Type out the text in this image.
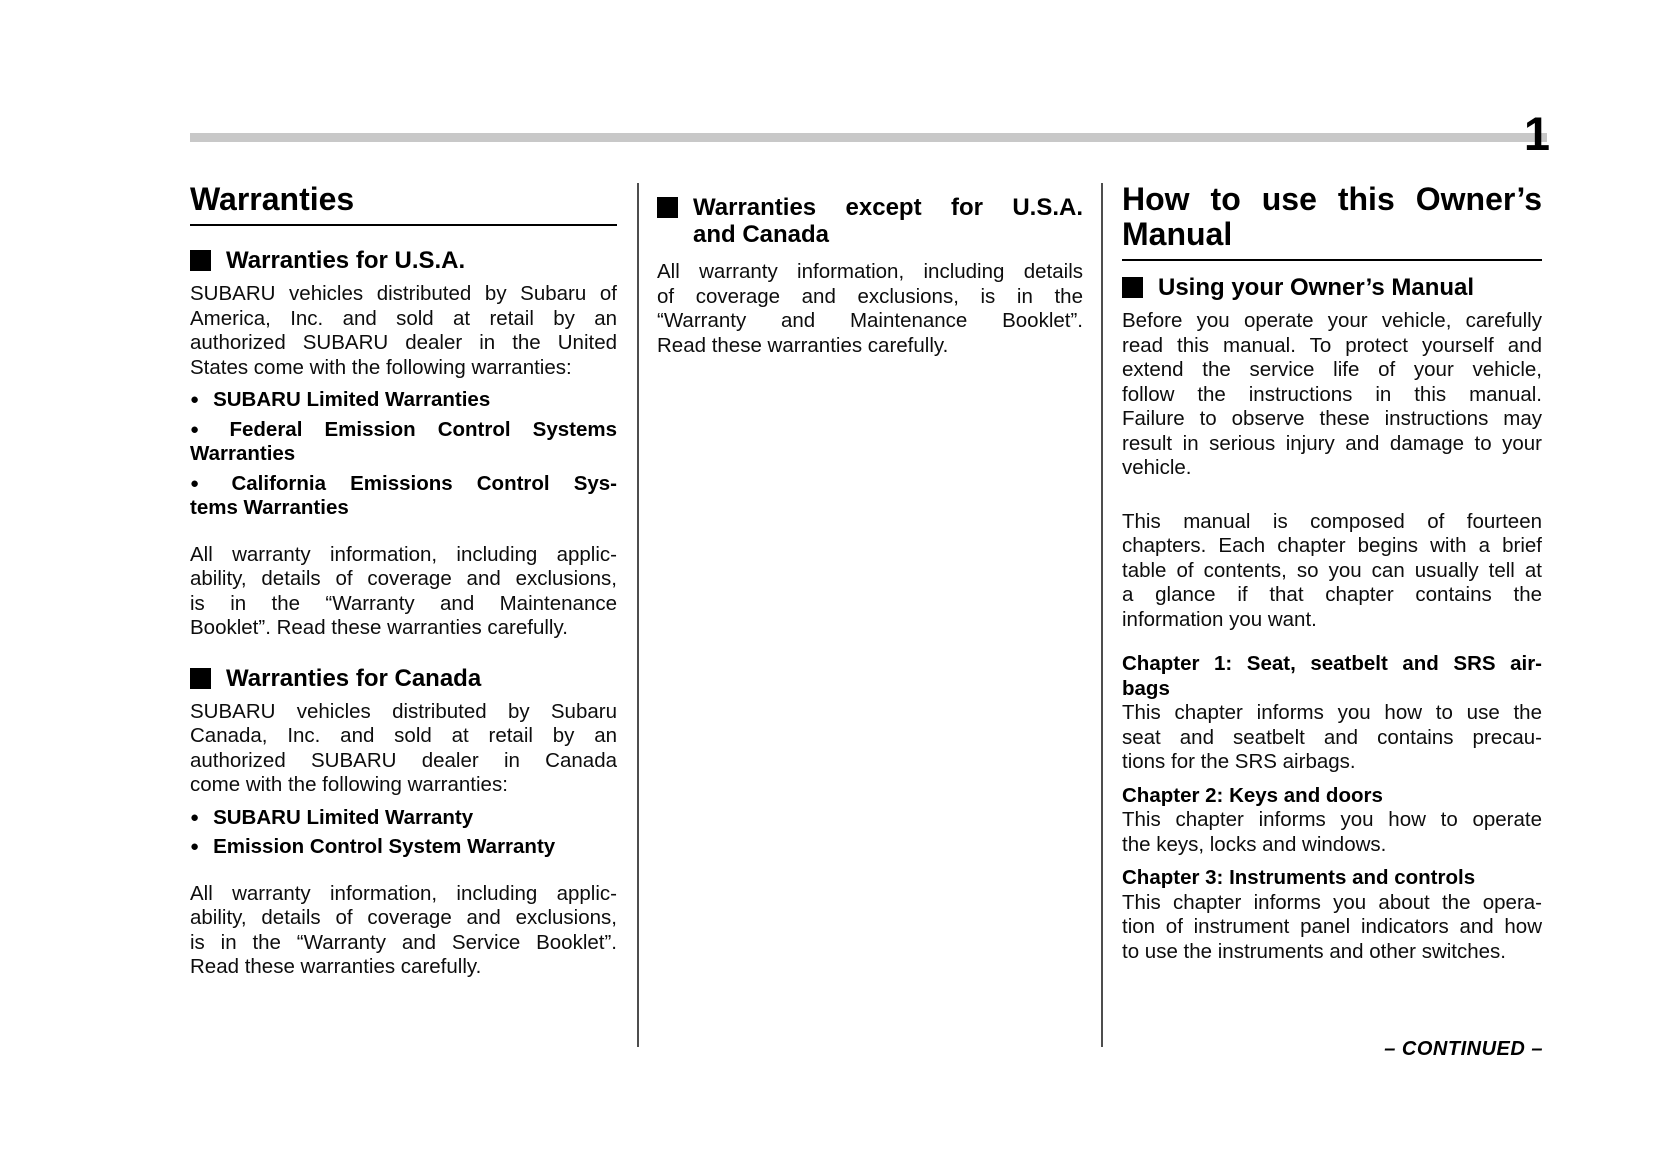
1
Warranties
Warranties for U.S.A.
SUBARU vehicles distributed by Subaru of
America, Inc. and sold at retail by an
authorized SUBARU dealer in the United
States come with the following warranties:
● SUBARU Limited Warranties
● Federal Emission Control Systems
Warranties
● California Emissions Control Sys-
tems Warranties
All warranty information, including applic-
ability, details of coverage and exclusions,
is in the “Warranty and Maintenance
Booklet”. Read these warranties carefully.
Warranties for Canada
SUBARU vehicles distributed by Subaru
Canada, Inc. and sold at retail by an
authorized SUBARU dealer in Canada
come with the following warranties:
● SUBARU Limited Warranty
● Emission Control System Warranty
All warranty information, including applic-
ability, details of coverage and exclusions,
is in the “Warranty and Service Booklet”.
Read these warranties carefully.
Warranties except for U.S.A.
and Canada
All warranty information, including details
of coverage and exclusions, is in the
“Warranty and Maintenance Booklet”.
Read these warranties carefully.
How to use this Owner’s
Manual
Using your Owner’s Manual
Before you operate your vehicle, carefully
read this manual. To protect yourself and
extend the service life of your vehicle,
follow the instructions in this manual.
Failure to observe these instructions may
result in serious injury and damage to your
vehicle.
This manual is composed of fourteen
chapters. Each chapter begins with a brief
table of contents, so you can usually tell at
a glance if that chapter contains the
information you want.
Chapter 1: Seat, seatbelt and SRS air-
bags
This chapter informs you how to use the
seat and seatbelt and contains precau-
tions for the SRS airbags.
Chapter 2: Keys and doors
This chapter informs you how to operate
the keys, locks and windows.
Chapter 3: Instruments and controls
This chapter informs you about the opera-
tion of instrument panel indicators and how
to use the instruments and other switches.
– CONTINUED –
